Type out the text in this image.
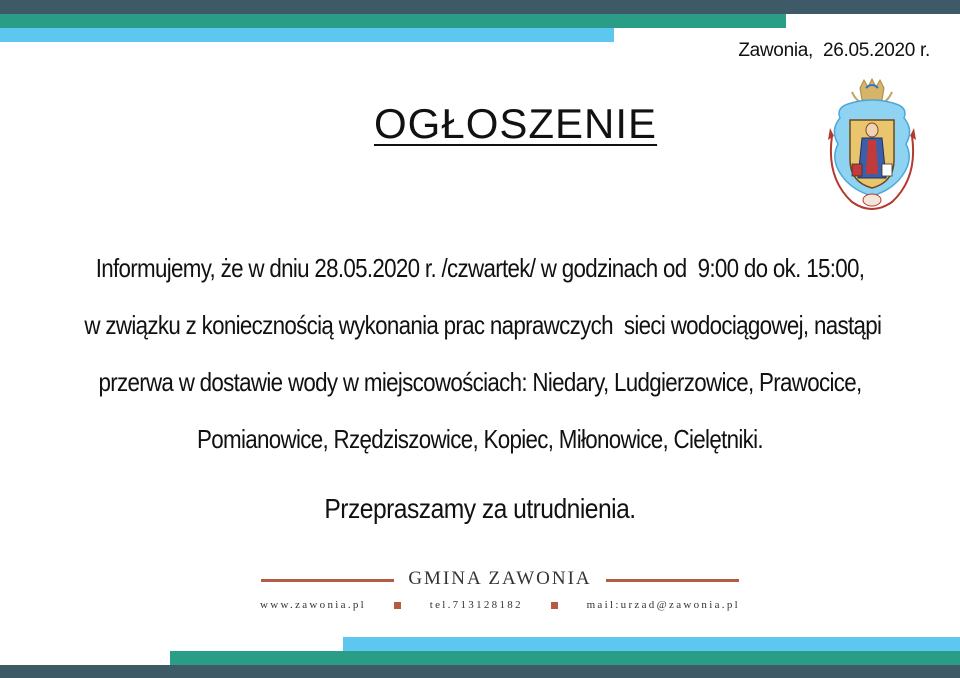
Zawonia,  26.05.2020 r.
OGŁOSZENIE
Informujemy, że w dniu 28.05.2020 r. /czwartek/ w godzinach od  9:00 do ok. 15:00,
w związku z koniecznością wykonania prac naprawczych  sieci wodociągowej, nastąpi
przerwa w dostawie wody w miejscowościach: Niedary, Ludgierzowice, Prawocice,
Pomianowice, Rzędziszowice, Kopiec, Miłonowice, Cielętniki.
Przepraszamy za utrudnienia.
GMINA ZAWONIA
www.zawonia.pl	tel.713128182	mail:urzad@zawonia.pl
